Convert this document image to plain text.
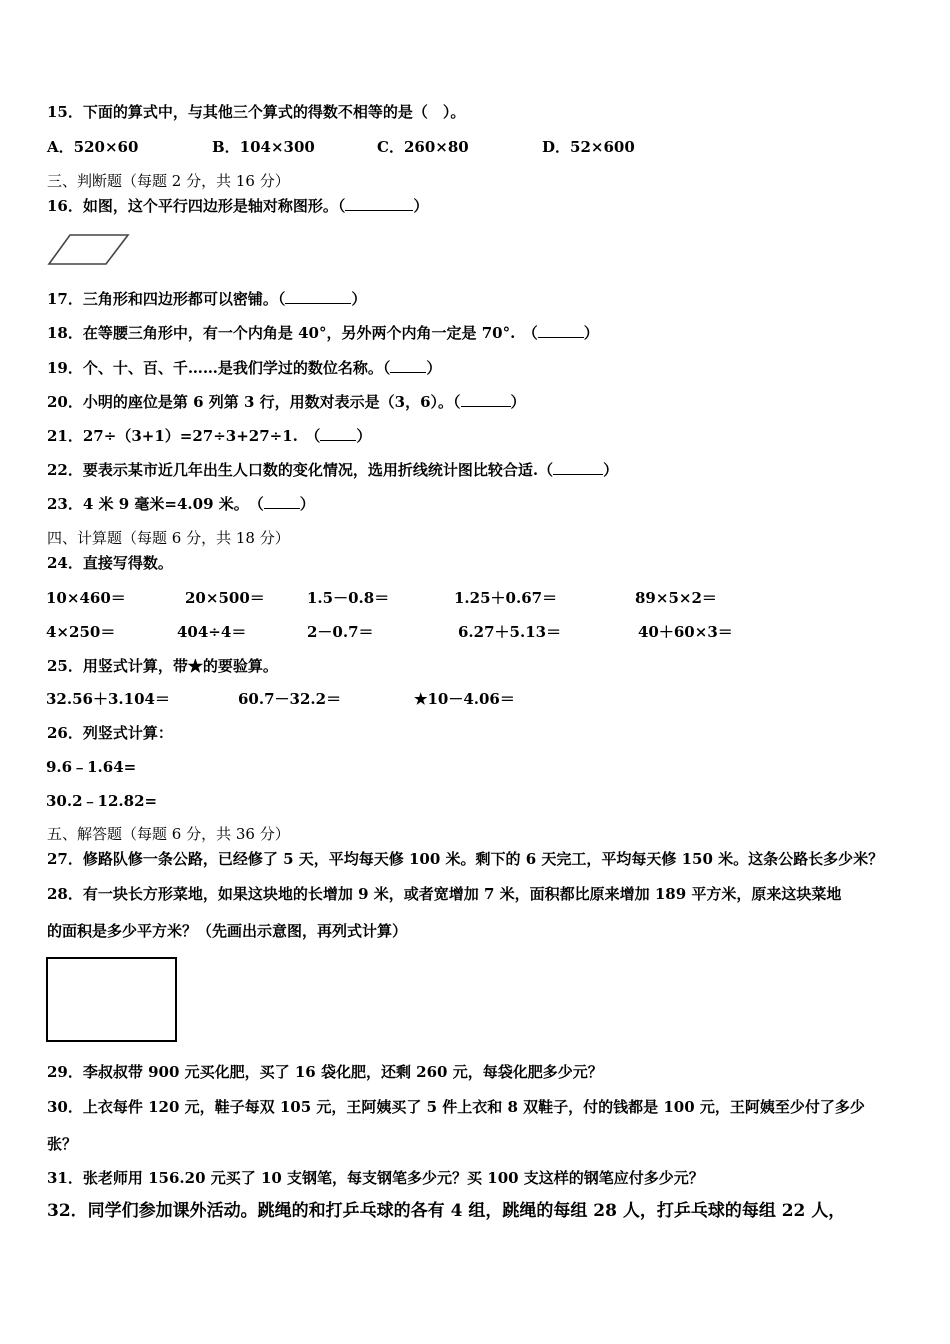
15．下面的算式中，与其他三个算式的得数不相等的是（　）。
A．520×60	B．104×300	C．260×80	D．52×600
三、判断题（每题 2 分，共 16 分）
16．如图，这个平行四边形是轴对称图形。（	）
17．三角形和四边形都可以密铺。（	）
18．在等腰三角形中，有一个内角是 40°，另外两个内角一定是 70°.　（	）
19．个、十、百、千……是我们学过的数位名称。（ ）
20．小明的座位是第 6 列第 3 行，用数对表示是（3，6）。（	）
21．27÷（3+1）=27÷3+27÷1.　（ ）
22．要表示某市近几年出生人口数的变化情况，选用折线统计图比较合适.（	）
23．4 米 9 毫米=4.09 米。　（ ）
四、计算题（每题 6 分，共 18 分）
24．直接写得数。
10×460＝	20×500＝	1.5－0.8＝	1.25＋0.67＝	89×5×2＝
4×250＝	404÷4＝	2－0.7＝	6.27＋5.13＝	40＋60×3＝
25．用竖式计算，带★的要验算。
32.56＋3.104＝	60.7－32.2＝	★10－4.06＝
26．列竖式计算：
9.6﹣1.64=
30.2﹣12.82=
五、解答题（每题 6 分，共 36 分）
27．修路队修一条公路，已经修了 5 天，平均每天修 100 米。剩下的 6 天完工，平均每天修 150 米。这条公路长多少米？
28．有一块长方形菜地，如果这块地的长增加 9 米，或者宽增加 7 米，面积都比原来增加 189 平方米，原来这块菜地
的面积是多少平方米？（先画出示意图，再列式计算）
29．李叔叔带 900 元买化肥，买了 16 袋化肥，还剩 260 元，每袋化肥多少元？
30．上衣每件 120 元，鞋子每双 105 元，王阿姨买了 5 件上衣和 8 双鞋子，付的钱都是 100 元，王阿姨至少付了多少
张？
31．张老师用 156.20 元买了 10 支钢笔，每支钢笔多少元？买 100 支这样的钢笔应付多少元？
32．同学们参加课外活动。跳绳的和打乒乓球的各有 4 组，跳绳的每组 28 人，打乒乓球的每组 22 人，
